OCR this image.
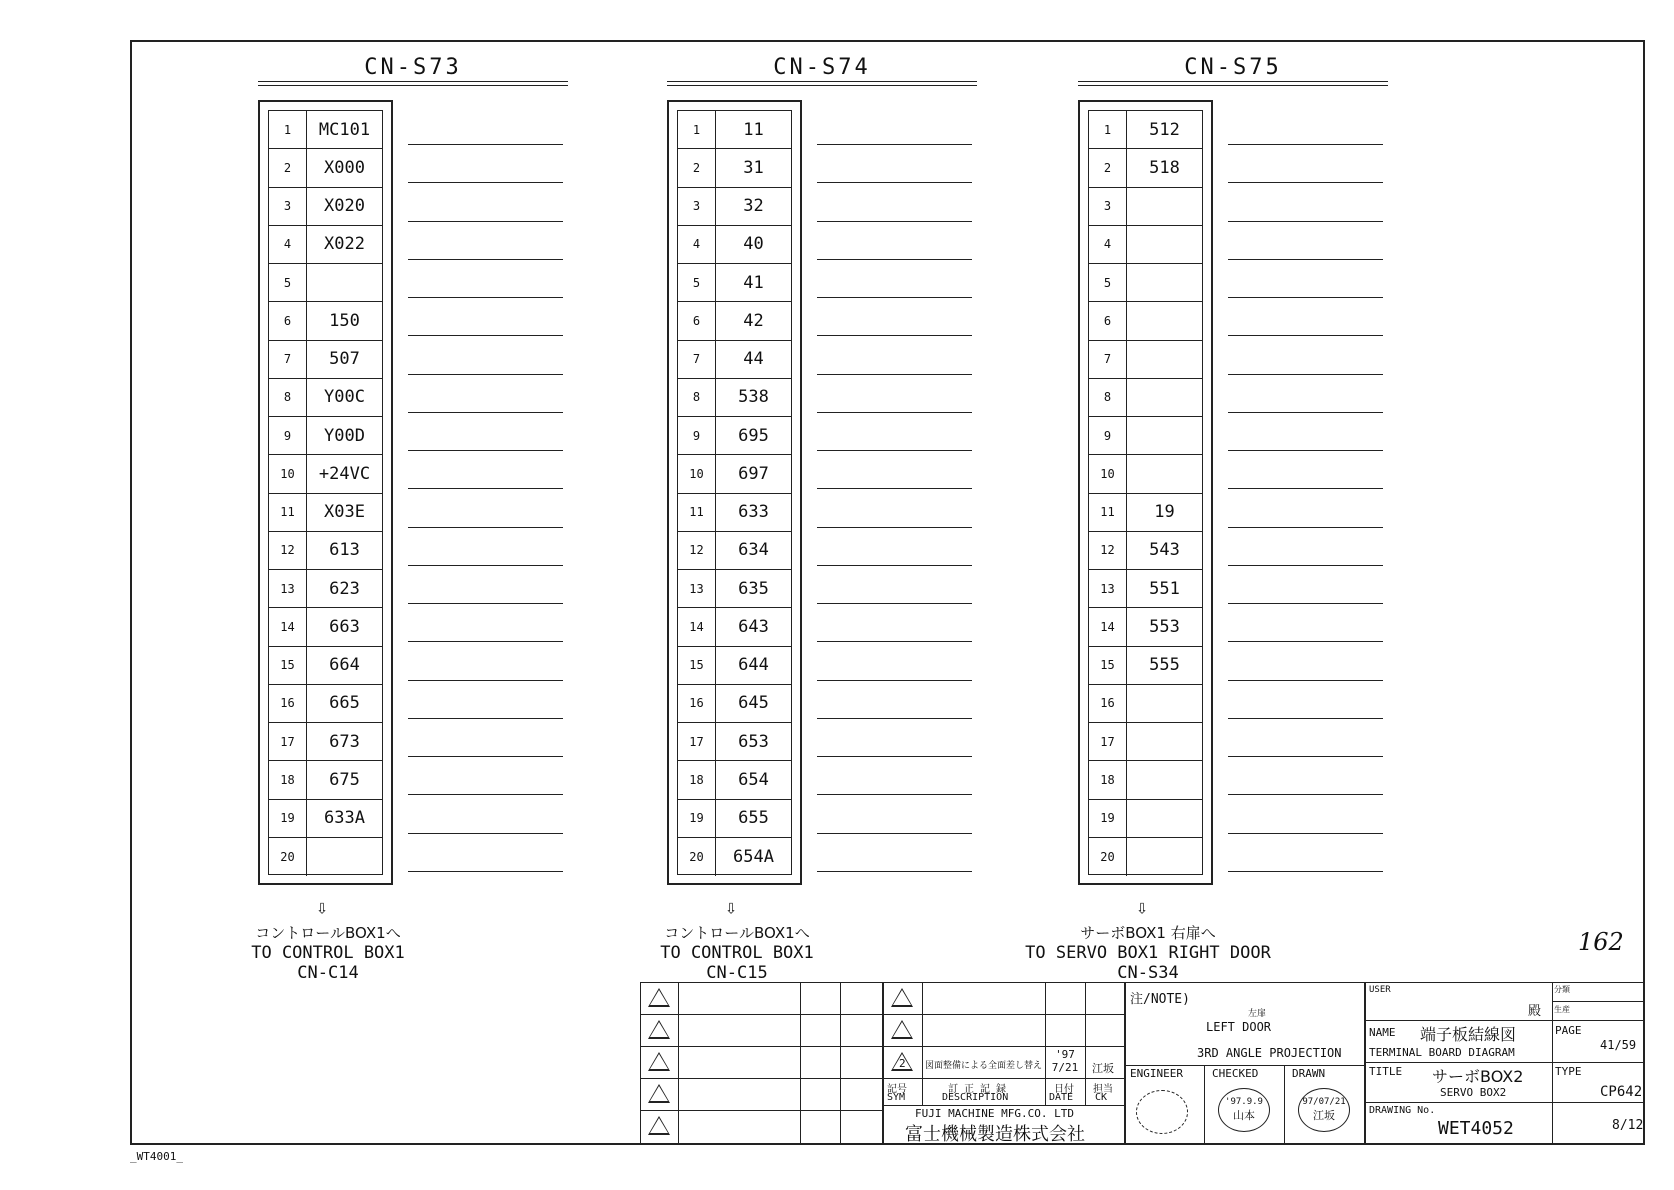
CN-S73
1	MC101
2	X000
3	X020
4	X022
5
6	150
7	507
8	Y00C
9	Y00D
10	+24VC
11	X03E
12	613
13	623
14	663
15	664
16	665
17	673
18	675
19	633A
20
⇩
コントロールBOX1へ
TO CONTROL BOX1
CN-C14
CN-S74
1	11
2	31
3	32
4	40
5	41
6	42
7	44
8	538
9	695
10	697
11	633
12	634
13	635
14	643
15	644
16	645
17	653
18	654
19	655
20	654A
⇩
コントロールBOX1へ
TO CONTROL BOX1
CN-C15
CN-S75
1	512
2	518
3
4
5
6
7
8
9
10
11	19
12	543
13	551
14	553
15	555
16
17
18
19
20
⇩
サーボBOX1 右扉へ
TO SERVO BOX1 RIGHT DOOR
CN-S34
162
_WT4001_
2 図面整備による全面差し替え
'97 7/21	江坂
記号
SYM
訂 正 記 録
DESCRIPTION
日付
DATE
担当
CK
FUJI MACHINE MFG.CO. LTD
富士機械製造株式会社
注/NOTE)
左扉
LEFT DOOR
3RD ANGLE PROJECTION
ENGINEER	CHECKED	DRAWN
'97.9.9
山本
97/07/21
江坂
USER
殿
分類
生産
NAME 端子板結線図
TERMINAL BOARD DIAGRAM
PAGE
41/59
TITLE サーボBOX2
SERVO BOX2
TYPE
CP642
DRAWING No.
WET4052	8/12
